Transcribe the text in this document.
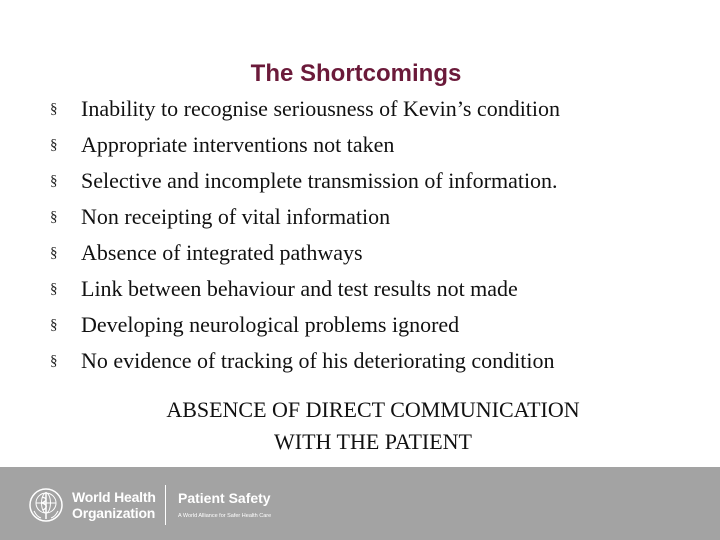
The Shortcomings
§	Inability to recognise seriousness of Kevin’s condition
§	Appropriate interventions not taken
§	Selective and incomplete transmission of information.
§	Non receipting of vital information
§	Absence of integrated pathways
§	Link between behaviour and test results not made
§	Developing neurological problems ignored
§	No evidence of tracking of his deteriorating condition
ABSENCE OF DIRECT COMMUNICATION
WITH THE PATIENT
World Health
Organization
Patient Safety
A World Alliance for Safer Health Care
